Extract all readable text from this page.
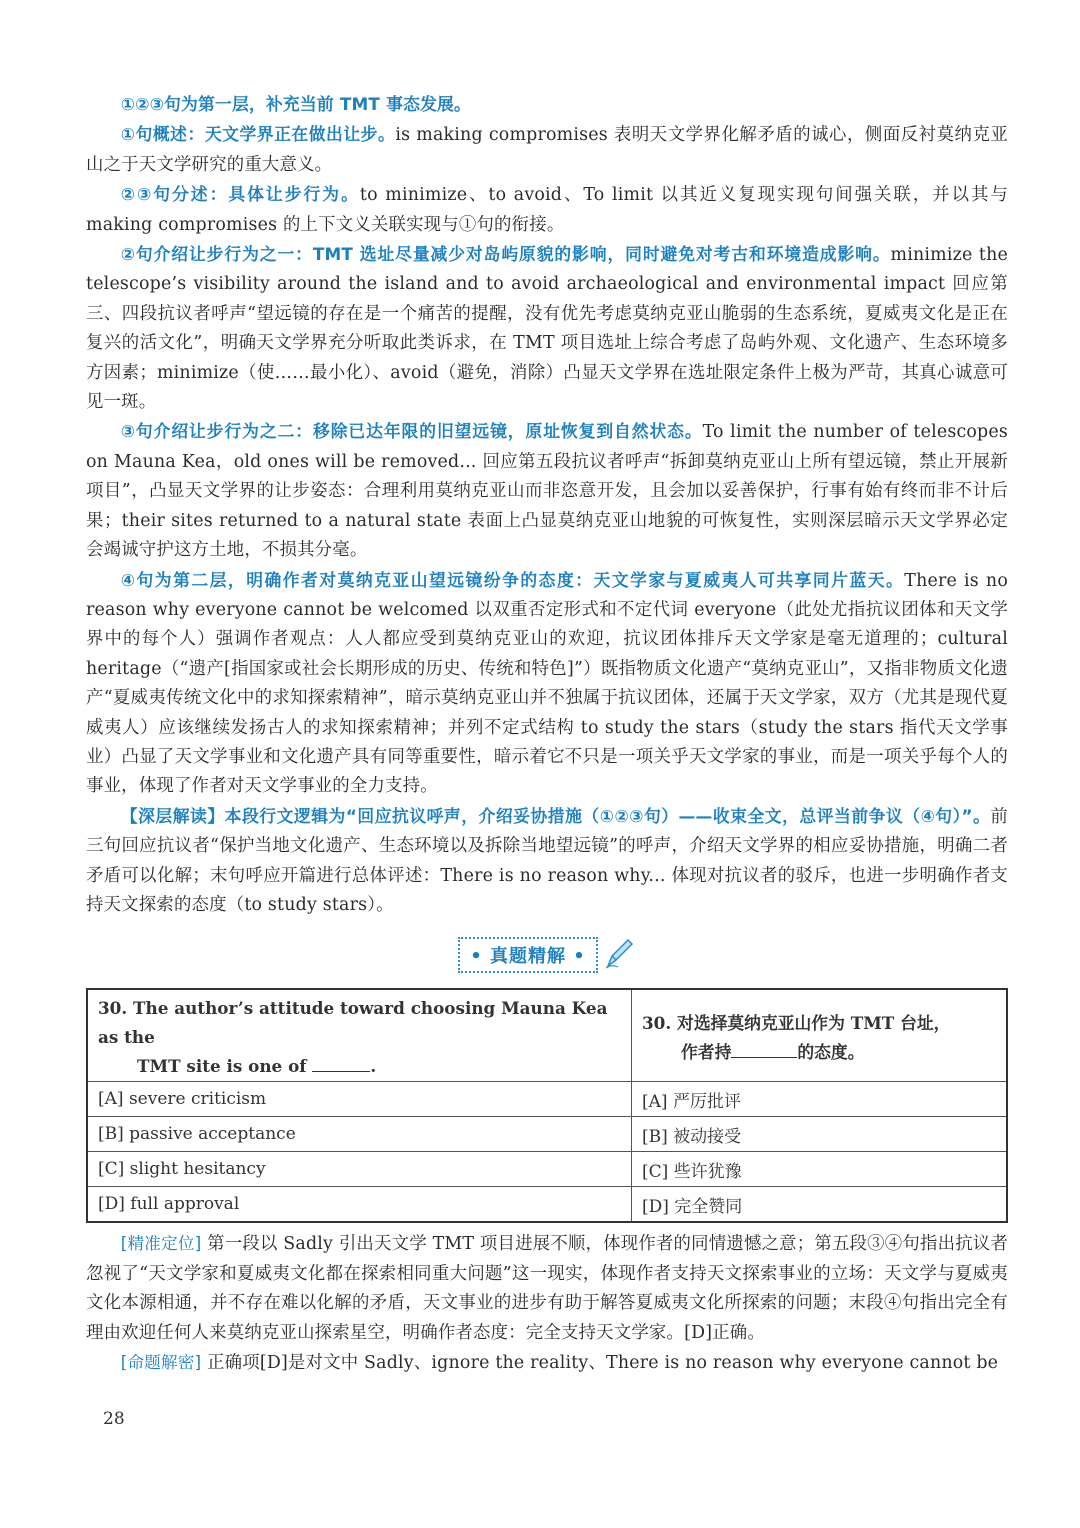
①②③句为第一层，补充当前 TMT 事态发展。

①句概述：天文学界正在做出让步。is making compromises 表明天文学界化解矛盾的诚心，侧面反衬莫纳克亚山之于天文学研究的重大意义。

②③句分述：具体让步行为。to minimize、to avoid、To limit 以其近义复现实现句间强关联，并以其与 making compromises 的上下文义关联实现与①句的衔接。

②句介绍让步行为之一：TMT 选址尽量减少对岛屿原貌的影响，同时避免对考古和环境造成影响。minimize the telescope’s visibility around the island and to avoid archaeological and environmental impact 回应第三、四段抗议者呼声“望远镜的存在是一个痛苦的提醒，没有优先考虑莫纳克亚山脆弱的生态系统，夏威夷文化是正在复兴的活文化”，明确天文学界充分听取此类诉求，在 TMT 项目选址上综合考虑了岛屿外观、文化遗产、生态环境多方因素；minimize（使……最小化）、avoid（避免，消除）凸显天文学界在选址限定条件上极为严苛，其真心诚意可见一斑。

③句介绍让步行为之二：移除已达年限的旧望远镜，原址恢复到自然状态。To limit the number of telescopes on Mauna Kea，old ones will be removed... 回应第五段抗议者呼声“拆卸莫纳克亚山上所有望远镜，禁止开展新项目”，凸显天文学界的让步姿态：合理利用莫纳克亚山而非恣意开发，且会加以妥善保护，行事有始有终而非不计后果；their sites returned to a natural state 表面上凸显莫纳克亚山地貌的可恢复性，实则深层暗示天文学界必定会竭诚守护这方土地，不损其分毫。

④句为第二层，明确作者对莫纳克亚山望远镜纷争的态度：天文学家与夏威夷人可共享同片蓝天。There is no reason why everyone cannot be welcomed 以双重否定形式和不定代词 everyone（此处尤指抗议团体和天文学界中的每个人）强调作者观点：人人都应受到莫纳克亚山的欢迎，抗议团体排斥天文学家是毫无道理的；cultural heritage（“遗产[指国家或社会长期形成的历史、传统和特色]”）既指物质文化遗产“莫纳克亚山”，又指非物质文化遗产“夏威夷传统文化中的求知探索精神”，暗示莫纳克亚山并不独属于抗议团体，还属于天文学家，双方（尤其是现代夏威夷人）应该继续发扬古人的求知探索精神；并列不定式结构 to study the stars（study the stars 指代天文学事业）凸显了天文学事业和文化遗产具有同等重要性，暗示着它不只是一项关乎天文学家的事业，而是一项关乎每个人的事业，体现了作者对天文学事业的全力支持。

【深层解读】本段行文逻辑为“回应抗议呼声，介绍妥协措施（①②③句）——收束全文，总评当前争议（④句）”。前三句回应抗议者“保护当地文化遗产、生态环境以及拆除当地望远镜”的呼声，介绍天文学界的相应妥协措施，明确二者矛盾可以化解；末句呼应开篇进行总体评述：There is no reason why... 体现对抗议者的驳斥，也进一步明确作者支持天文探索的态度（to study stars）。

• 真题精解 •
30. The author’s attitude toward choosing Mauna Kea as the
TMT site is one of .	30. 对选择莫纳克亚山作为 TMT 台址，
作者持 的态度。

[A] severe criticism	[A] 严厉批评
[B] passive acceptance	[B] 被动接受
[C] slight hesitancy	[C] 些许犹豫
[D] full approval	[D] 完全赞同

[精准定位] 第一段以 Sadly 引出天文学 TMT 项目进展不顺，体现作者的同情遗憾之意；第五段③④句指出抗议者忽视了“天文学家和夏威夷文化都在探索相同重大问题”这一现实，体现作者支持天文探索事业的立场：天文学与夏威夷文化本源相通，并不存在难以化解的矛盾，天文事业的进步有助于解答夏威夷文化所探索的问题；末段④句指出完全有理由欢迎任何人来莫纳克亚山探索星空，明确作者态度：完全支持天文学家。[D]正确。

[命题解密] 正确项[D]是对文中 Sadly、ignore the reality、There is no reason why everyone cannot be

28
